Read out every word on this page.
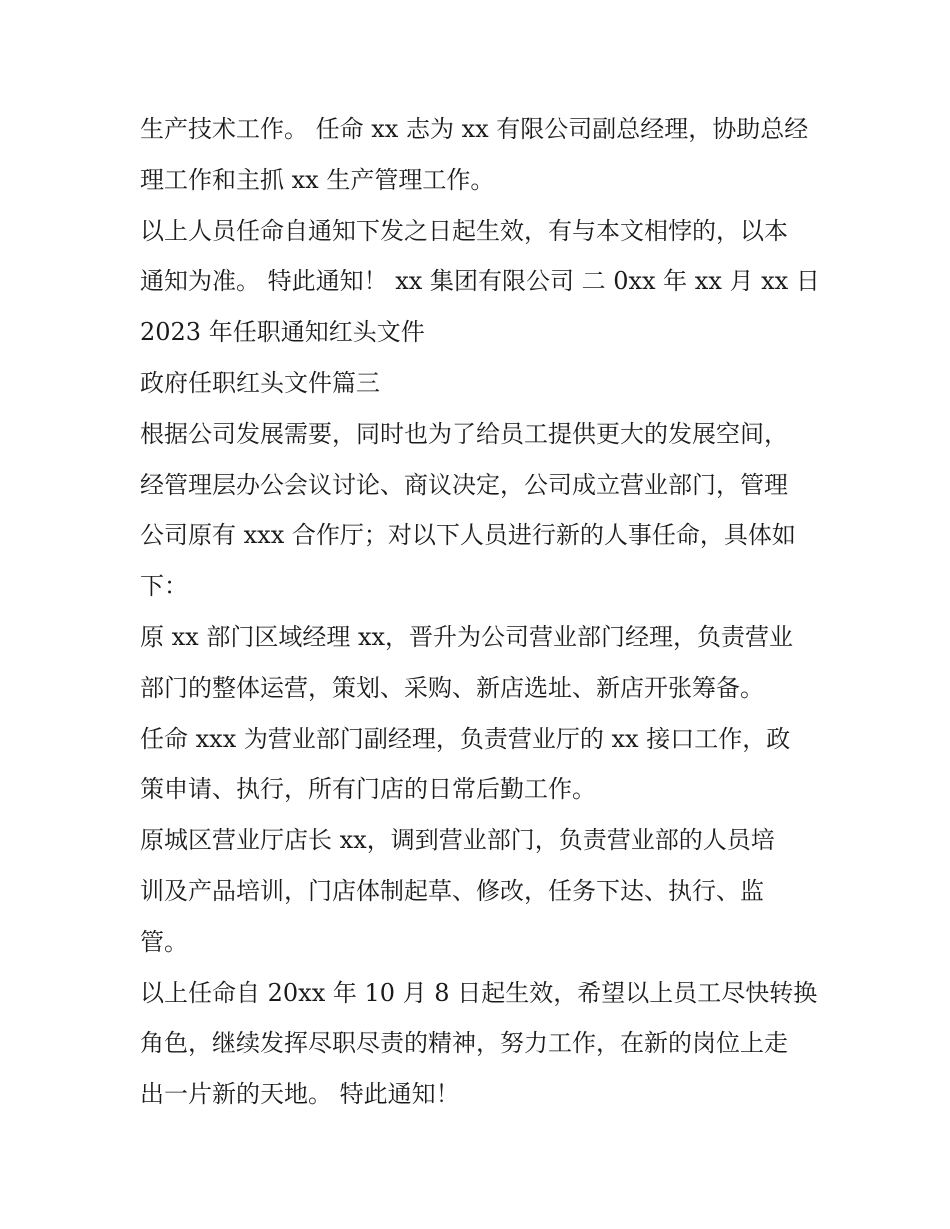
生产技术工作。 任命 xx 志为 xx 有限公司副总经理，协助总经
理工作和主抓 xx 生产管理工作。
以上人员任命自通知下发之日起生效，有与本文相悖的，以本
通知为准。 特此通知！ xx 集团有限公司 二 0xx 年 xx 月 xx 日
2023 年任职通知红头文件
政府任职红头文件篇三
根据公司发展需要，同时也为了给员工提供更大的发展空间，
经管理层办公会议讨论、商议决定，公司成立营业部门，管理
公司原有 xxx 合作厅；对以下人员进行新的人事任命，具体如
下：
原 xx 部门区域经理 xx，晋升为公司营业部门经理，负责营业
部门的整体运营，策划、采购、新店选址、新店开张筹备。
任命 xxx 为营业部门副经理，负责营业厅的 xx 接口工作，政
策申请、执行，所有门店的日常后勤工作。
原城区营业厅店长 xx，调到营业部门，负责营业部的人员培
训及产品培训，门店体制起草、修改，任务下达、执行、监
管。
以上任命自 20xx 年 10 月 8 日起生效，希望以上员工尽快转换
角色，继续发挥尽职尽责的精神，努力工作，在新的岗位上走
出一片新的天地。 特此通知！
